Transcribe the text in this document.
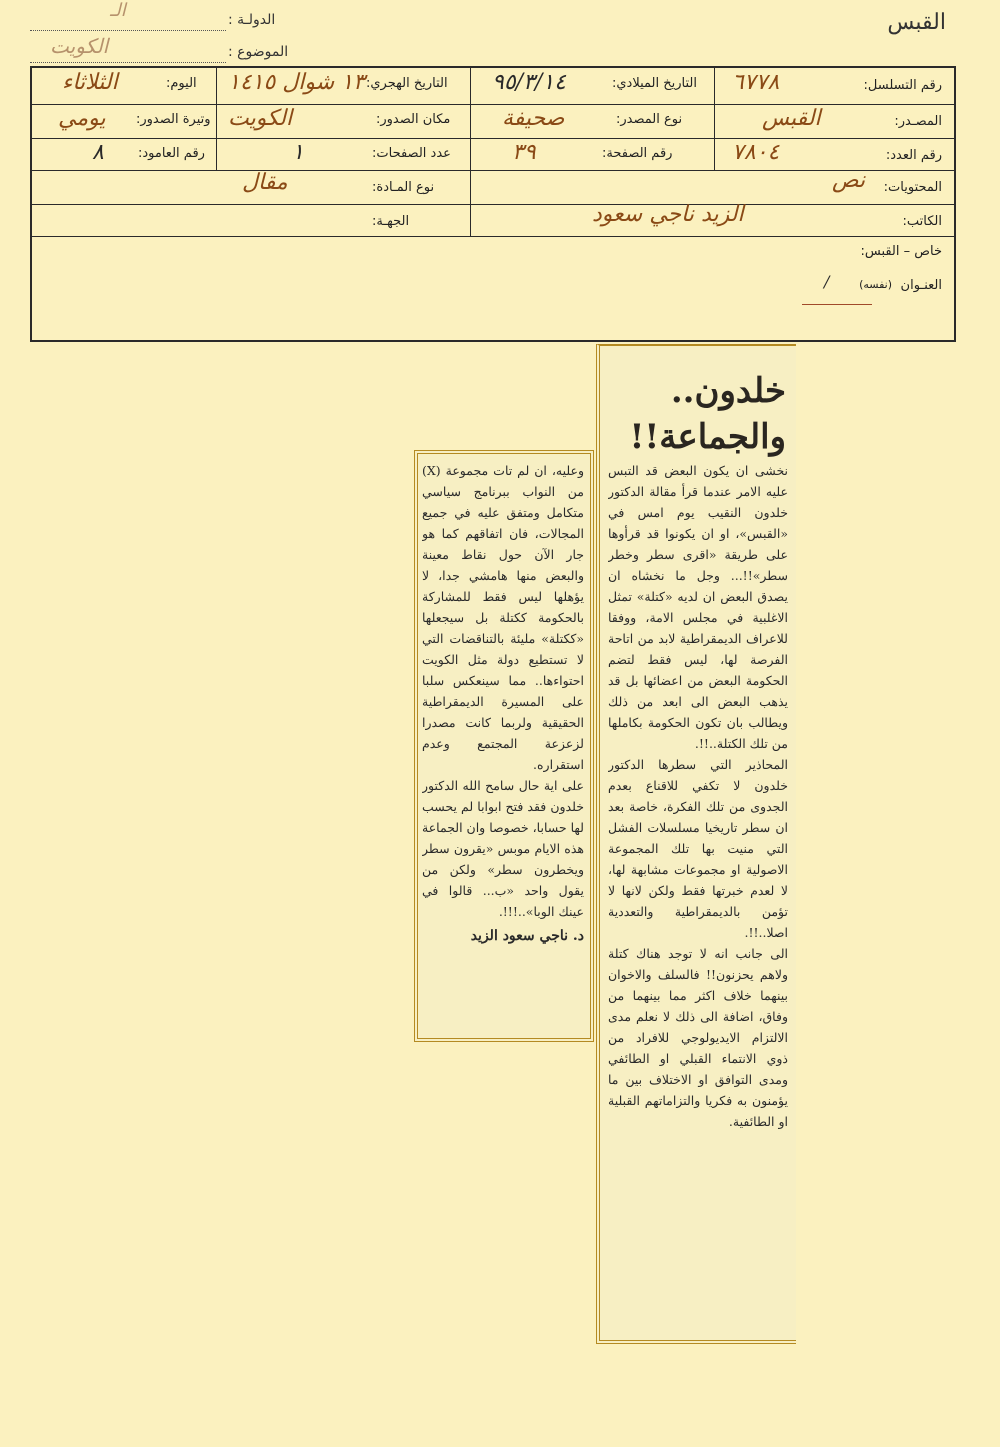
القبس
الدولـة :
الـ
الموضوع :
الكويت
رقم التسلسل:
٦٧٧٨
التاريخ الميلادي:
٩٥/٣/١٤
التاريخ الهجري:
١٣ شوال ١٤١٥
اليوم:
الثلاثاء
المصـدر:
القبس
نوع المصدر:
صحيفة
مكان الصدور:
الكويت
وتيرة الصدور:
يومي
رقم العدد:
٧٨٠٤
رقم الصفحة:
٣٩
عدد الصفحات:
١
رقم العامود:
٨
المحتويات:
نص
نوع المـادة:
مقال
الكاتب:
الزيد ناجي سعود
الجهـة:
خاص – القبس:
العنـوان
(نفسه)
/
خلدون..
والجماعة!!

نخشى ان يكون البعض قد التبس عليه الامر عندما قرأ مقالة الدكتور خلدون النقيب يوم امس في «القبس»، او ان يكونوا قد قرأوها على طريقة «اقرى سطر وخطر سطر»!!... وجل ما نخشاه ان يصدق البعض ان لديه «كتلة» تمثل الاغلبية في مجلس الامة، ووفقا للاعراف الديمقراطية لابد من اتاحة الفرصة لها، ليس فقط لتضم الحكومة البعض من اعضائها بل قد يذهب البعض الى ابعد من ذلك ويطالب بان تكون الحكومة بكاملها من تلك الكتلة..!!.

المحاذير التي سطرها الدكتور خلدون لا تكفي للاقناع بعدم الجدوى من تلك الفكرة، خاصة بعد ان سطر تاريخيا مسلسلات الفشل التي منيت بها تلك المجموعة الاصولية او مجموعات مشابهة لها، لا لعدم خبرتها فقط ولكن لانها لا تؤمن بالديمقراطية والتعددية اصلا..!!.

الى جانب انه لا توجد هناك كتلة ولاهم يحزنون!! فالسلف والاخوان بينهما خلاف اكثر مما بينهما من وفاق، اضافة الى ذلك لا نعلم مدى الالتزام الايديولوجي للافراد من ذوي الانتماء القبلي او الطائفي ومدى التوافق او الاختلاف بين ما يؤمنون به فكريا والتزاماتهم القبلية او الطائفية.

وعليه، ان لم تات مجموعة (X) من النواب ببرنامج سياسي متكامل ومتفق عليه في جميع المجالات، فان اتفاقهم كما هو جار الآن حول نقاط معينة والبعض منها هامشي جدا، لا يؤهلها ليس فقط للمشاركة بالحكومة ككتلة بل سيجعلها «ككتلة» مليئة بالتناقضات التي لا تستطيع دولة مثل الكويت احتواءها.. مما سينعكس سلبا على المسيرة الديمقراطية الحقيقية ولربما كانت مصدرا لزعزعة المجتمع وعدم استقراره.

على اية حال سامح الله الدكتور خلدون فقد فتح ابوابا لم يحسب لها حسابا، خصوصا وان الجماعة هذه الايام موبس «يقرون سطر ويخطرون سطر» ولكن من يقول واحد «ب... قالوا في عينك الوبا»..!!!.

د. ناجي سعود الزيد
